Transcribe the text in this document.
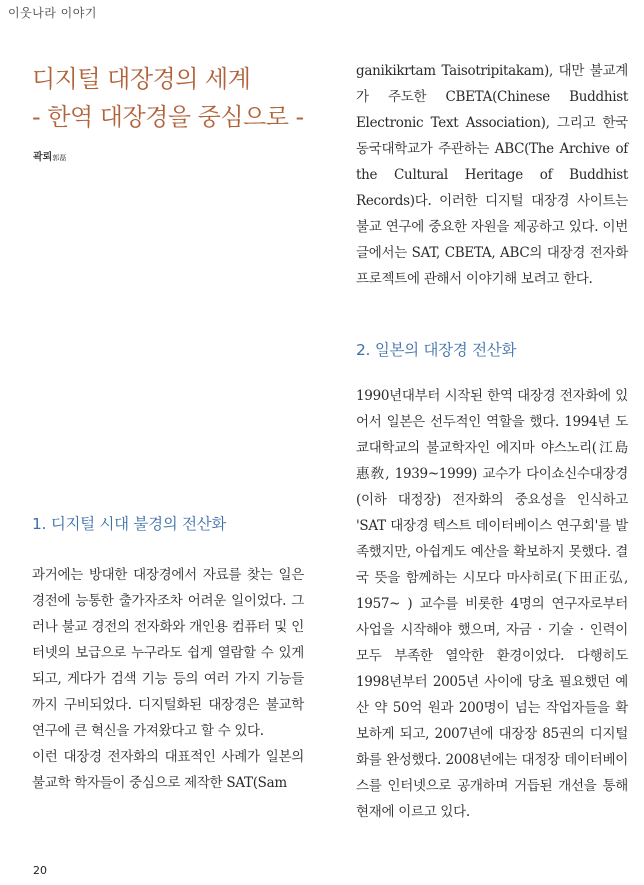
이웃나라 이야기
디지털 대장경의 세계
- 한역 대장경을 중심으로 -
곽뢰郭磊
1. 디지털 시대 불경의 전산화

과거에는 방대한 대장경에서 자료를 찾는 일은 경전에 능통한 출가자조차 어려운 일이었다. 그러나 불교 경전의 전자화와 개인용 컴퓨터 및 인터넷의 보급으로 누구라도 쉽게 열람할 수 있게 되고, 게다가 검색 기능 등의 여러 가지 기능들까지 구비되었다. 디지털화된 대장경은 불교학 연구에 큰 혁신을 가져왔다고 할 수 있다.

이런 대장경 전자화의 대표적인 사례가 일본의 불교학 학자들이 중심으로 제작한 SAT(Sam

ganikikrtam Taisotripitakam), 대만 불교계가 주도한 CBETA(Chinese Buddhist Electronic Text Association), 그리고 한국 동국대학교가 주관하는 ABC(The Archive of the Cultural Heritage of Buddhist Records)다. 이러한 디지털 대장경 사이트는 불교 연구에 중요한 자원을 제공하고 있다. 이번 글에서는 SAT, CBETA, ABC의 대장경 전자화 프로젝트에 관해서 이야기해 보려고 한다.

2. 일본의 대장경 전산화

1990년대부터 시작된 한역 대장경 전자화에 있어서 일본은 선두적인 역할을 했다. 1994년 도쿄대학교의 불교학자인 에지마 야스노리(江島惠敎, 1939~1999) 교수가 다이쇼신수대장경(이하 대정장) 전자화의 중요성을 인식하고 'SAT 대장경 텍스트 데이터베이스 연구회'를 발족했지만, 아쉽게도 예산을 확보하지 못했다. 결국 뜻을 함께하는 시모다 마사히로(下田正弘, 1957~ ) 교수를 비롯한 4명의 연구자로부터 사업을 시작해야 했으며, 자금 · 기술 · 인력이 모두 부족한 열악한 환경이었다. 다행히도 1998년부터 2005년 사이에 당초 필요했던 예산 약 50억 원과 200명이 넘는 작업자들을 확보하게 되고, 2007년에 대장장 85권의 디지털화를 완성했다. 2008년에는 대정장 데이터베이스를 인터넷으로 공개하며 거듭된 개선을 통해 현재에 이르고 있다.

20
